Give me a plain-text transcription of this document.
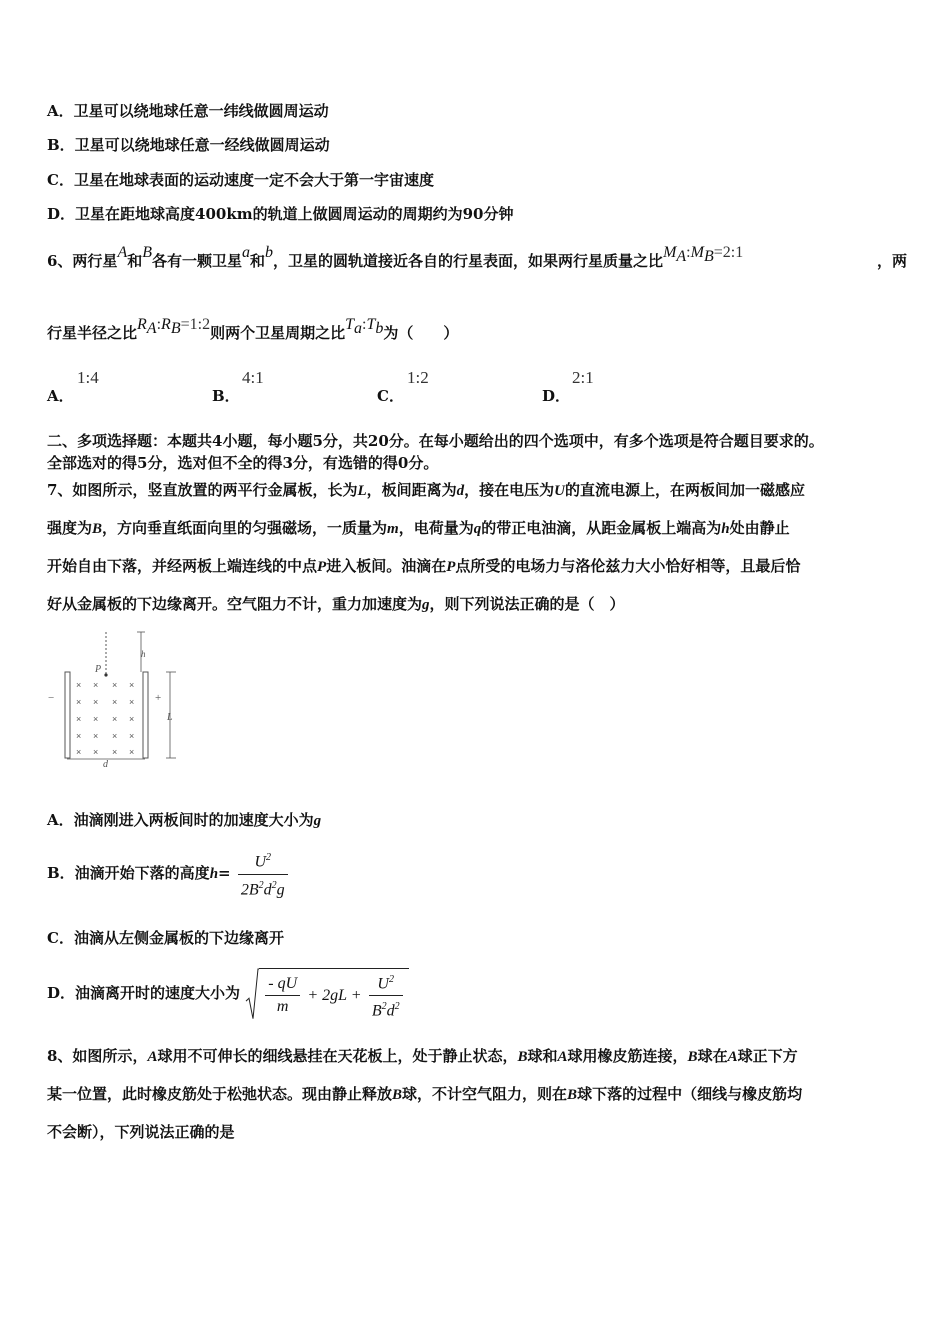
A．卫星可以绕地球任意一纬线做圆周运动
B．卫星可以绕地球任意一经线做圆周运动
C．卫星在地球表面的运动速度一定不会大于第一宇宙速度
D．卫星在距地球高度400km的轨道上做圆周运动的周期约为90分钟
6、两行星A和B各有一颗卫星a和b，卫星的圆轨道接近各自的行星表面，如果两行星质量之比$M_A:M_B=2:1$	，两
行星半径之比$R_A:R_B=1:2$则两个卫星周期之比$T_a:T_b$为（　　）
A．
1:4
B．
4:1
C．
1:2
D．
2:1
二、多项选择题：本题共4小题，每小题5分，共20分。在每小题给出的四个选项中，有多个选项是符合题目要求的。
全部选对的得5分，选对但不全的得3分，有选错的得0分。
7、如图所示，竖直放置的两平行金属板，长为L，板间距离为d，接在电压为U的直流电源上，在两板间加一磁感应
强度为B，方向垂直纸面向里的匀强磁场，一质量为m，电荷量为q的带正电油滴，从距金属板上端高为h处由静止
开始自由下落，并经两板上端连线的中点P进入板间。油滴在P点所受的电场力与洛伦兹力大小恰好相等，且最后恰
好从金属板的下边缘离开。空气阻力不计，重力加速度为g，则下列说法正确的是（　）
d
P
h
L
−	+
× × × ×
× × × ×
× × × ×
× × × ×
× × × ×
A．油滴刚进入两板间时的加速度大小为g
B．油滴开始下落的高度$h= \frac{U^2}{2B^2d^2g}$
C．油滴从左侧金属板的下边缘离开
D．油滴离开时的速度大小为 $\frac{- qU}{m} + 2gL + \frac{U^2}{B^2d^2}$
8、如图所示，A球用不可伸长的细线悬挂在天花板上，处于静止状态，B球和A球用橡皮筋连接，B球在A球正下方
某一位置，此时橡皮筋处于松弛状态。现由静止释放B球，不计空气阻力，则在B球下落的过程中（细线与橡皮筋均
不会断），下列说法正确的是
